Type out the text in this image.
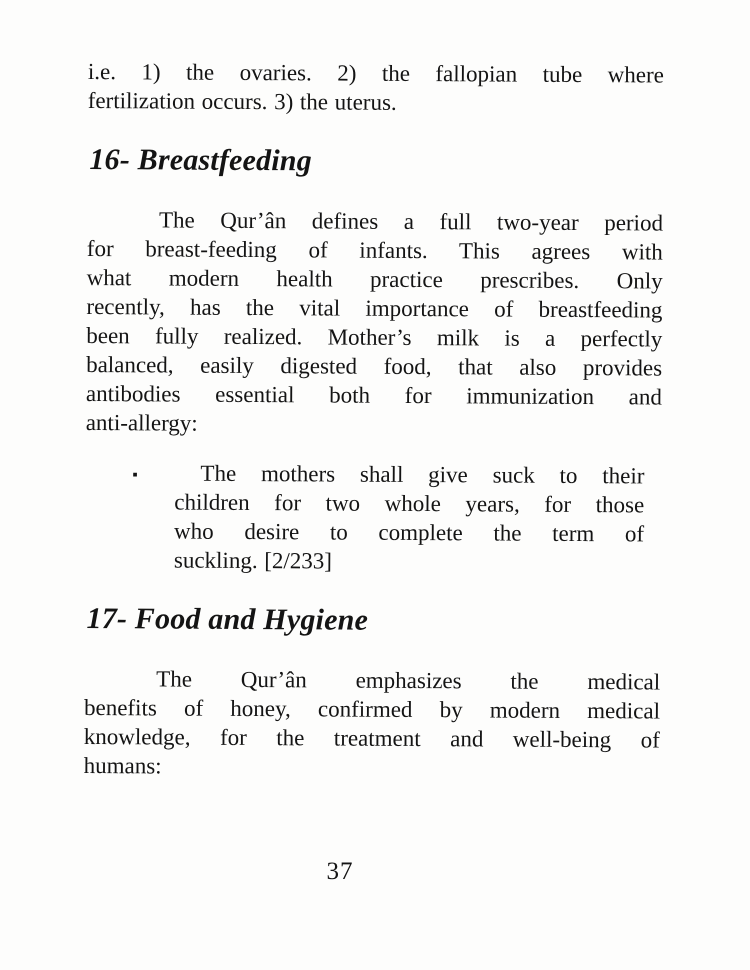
i.e. 1) the ovaries. 2) the fallopian tube where
fertilization occurs. 3) the uterus.
16- Breastfeeding
The Qur’ân defines a full two-year period
for breast-feeding of infants. This agrees with
what modern health practice prescribes. Only
recently, has the vital importance of breastfeeding
been fully realized. Mother’s milk is a perfectly
balanced, easily digested food, that also provides
antibodies essential both for immunization and
anti-allergy:
▪	The mothers shall give suck to their
children for two whole years, for those
who desire to complete the term of
suckling. [2/233]
17- Food and Hygiene
The Qur’ân emphasizes the medical
benefits of honey, confirmed by modern medical
knowledge, for the treatment and well-being of
humans:
37
